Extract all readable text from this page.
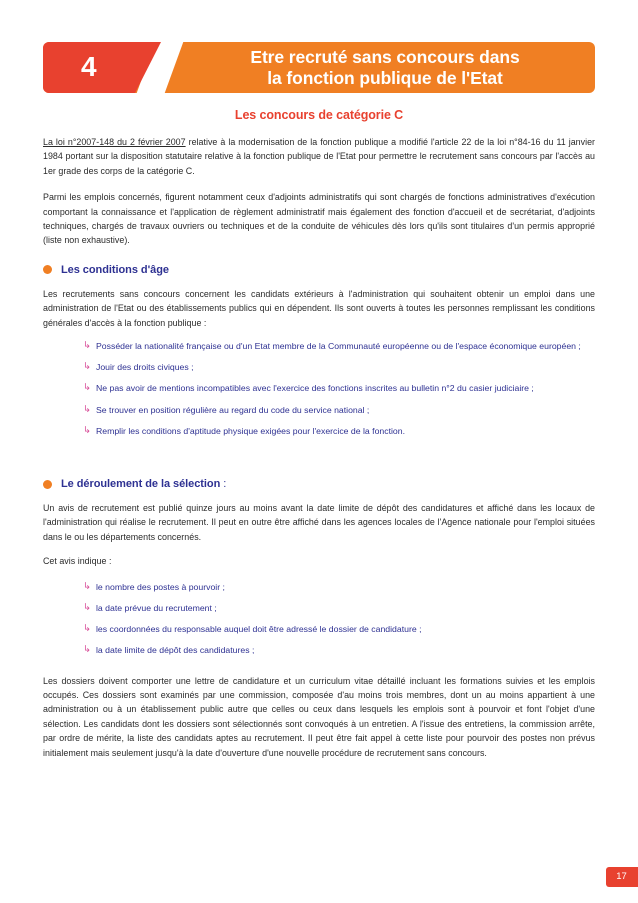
4	Etre recruté sans concours dans
la fonction publique de l'Etat
Les concours de catégorie C

La loi n°2007-148 du 2 février 2007 relative à la modernisation de la fonction publique a modifié l'article 22 de la loi n°84-16 du 11 janvier 1984 portant sur la disposition statutaire relative à la fonction publique de l'Etat pour permettre le recrutement sans concours par l'accès au 1er grade des corps de la catégorie C.

Parmi les emplois concernés, figurent notamment ceux d'adjoints administratifs qui sont chargés de fonctions administratives d'exécution comportant la connaissance et l'application de règlement administratif mais également des fonction d'accueil et de secrétariat, d'adjoints techniques, chargés de travaux ouvriers ou techniques et de la conduite de véhicules dès lors qu'ils sont titulaires d'un permis approprié (liste non exhaustive).

Les conditions d'âge

Les recrutements sans concours concernent les candidats extérieurs à l'administration qui souhaitent obtenir un emploi dans une administration de l'Etat ou des établissements publics qui en dépendent. Ils sont ouverts à toutes les personnes remplissant les conditions générales d'accès à la fonction publique :

↳ Posséder la nationalité française ou d'un Etat membre de la Communauté européenne ou de l'espace économique européen ;
↳ Jouir des droits civiques ;
↳ Ne pas avoir de mentions incompatibles avec l'exercice des fonctions inscrites au bulletin n°2 du casier judiciaire ;
↳ Se trouver en position régulière au regard du code du service national ;
↳ Remplir les conditions d'aptitude physique exigées pour l'exercice de la fonction.
Le déroulement de la sélection :

Un avis de recrutement est publié quinze jours au moins avant la date limite de dépôt des candidatures et affiché dans les locaux de l'administration qui réalise le recrutement. Il peut en outre être affiché dans les agences locales de l'Agence nationale pour l'emploi situées dans le ou les départements concernés.

Cet avis indique :

↳ le nombre des postes à pourvoir ;
↳ la date prévue du recrutement ;
↳ les coordonnées du responsable auquel doit être adressé le dossier de candidature ;
↳ la date limite de dépôt des candidatures ;

Les dossiers doivent comporter une lettre de candidature et un curriculum vitae détaillé incluant les formations suivies et les emplois occupés. Ces dossiers sont examinés par une commission, composée d'au moins trois membres, dont un au moins appartient à une administration ou à un établissement public autre que celles ou ceux dans lesquels les emplois sont à pourvoir et font l'objet d'une sélection. Les candidats dont les dossiers sont sélectionnés sont convoqués à un entretien. A l'issue des entretiens, la commission arrête, par ordre de mérite, la liste des candidats aptes au recrutement. Il peut être fait appel à cette liste pour pourvoir des postes non prévus initialement mais seulement jusqu'à la date d'ouverture d'une nouvelle procédure de recrutement sans concours.

17
